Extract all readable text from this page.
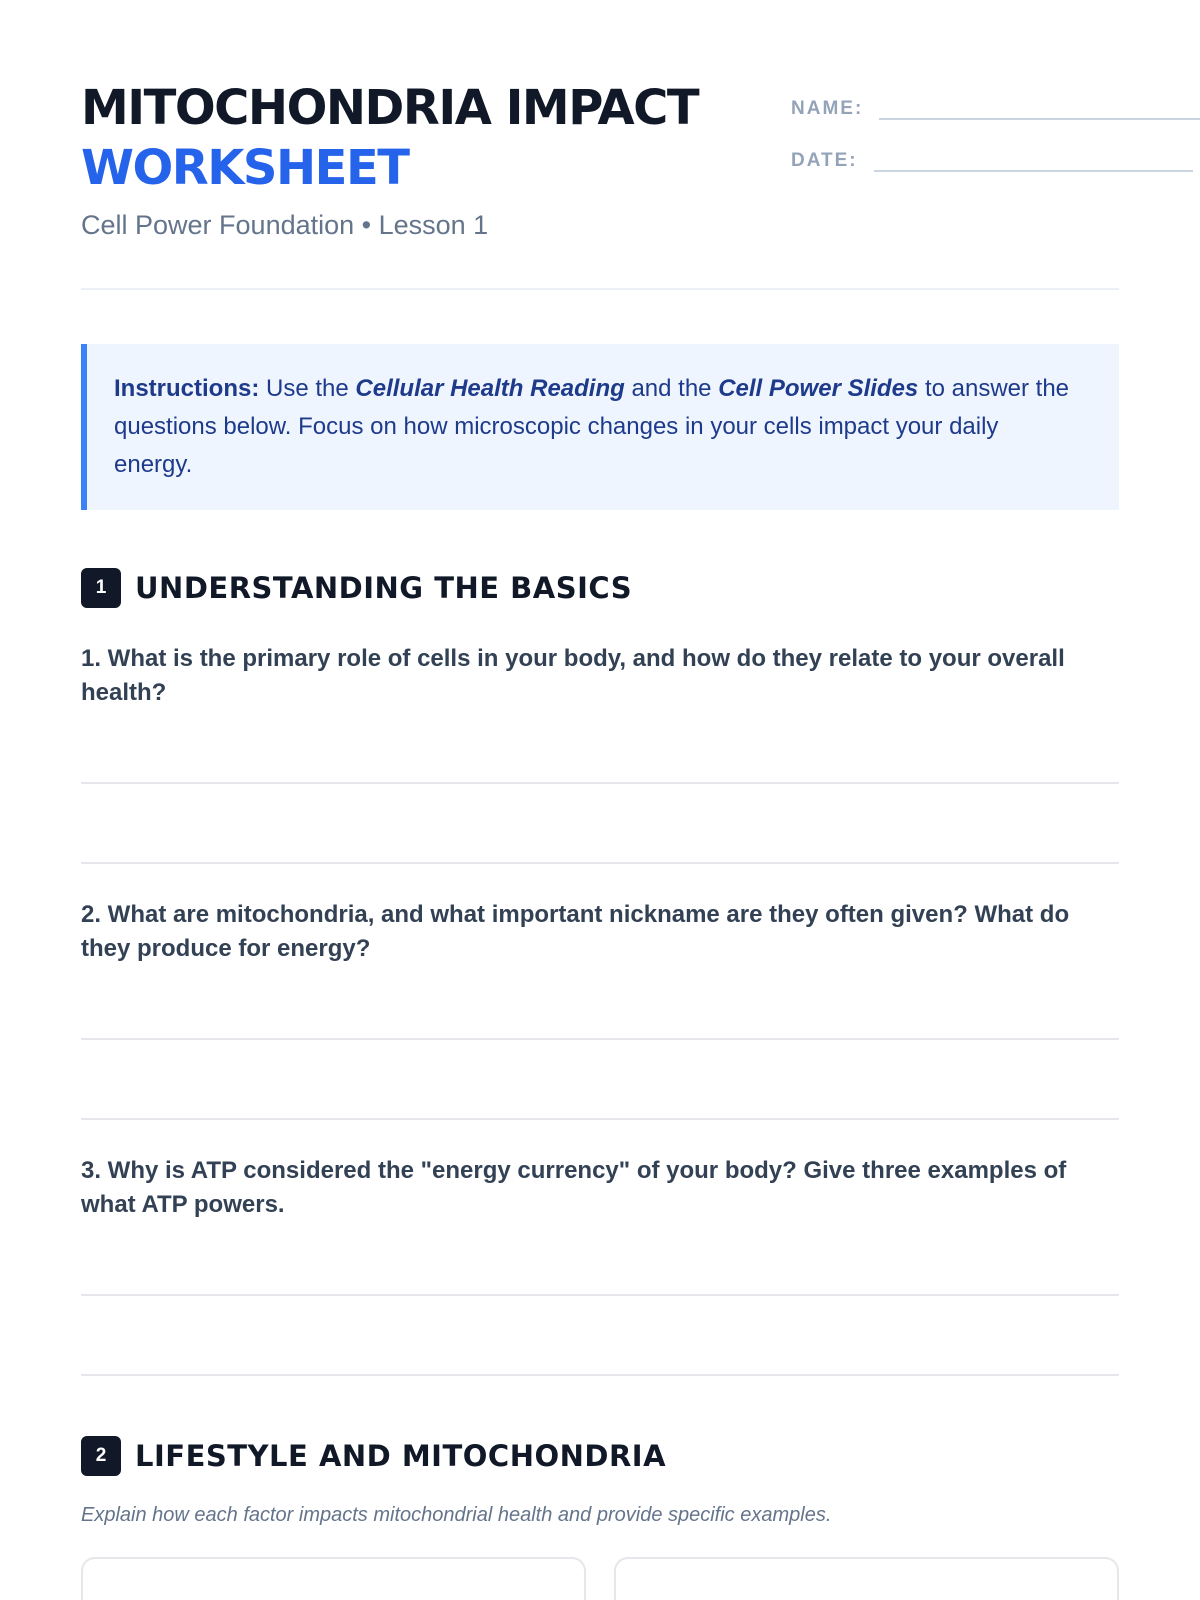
MITOCHONDRIA IMPACT
WORKSHEET
Cell Power Foundation • Lesson 1
NAME:
DATE:
Instructions: Use the Cellular Health Reading and the Cell Power Slides to answer the questions below. Focus on how microscopic changes in your cells impact your daily energy.
1 UNDERSTANDING THE BASICS

1. What is the primary role of cells in your body, and how do they relate to your overall health?

2. What are mitochondria, and what important nickname are they often given? What do they produce for energy?

3. Why is ATP considered the "energy currency" of your body? Give three examples of what ATP powers.

2 LIFESTYLE AND MITOCHONDRIA

Explain how each factor impacts mitochondrial health and provide specific examples.
